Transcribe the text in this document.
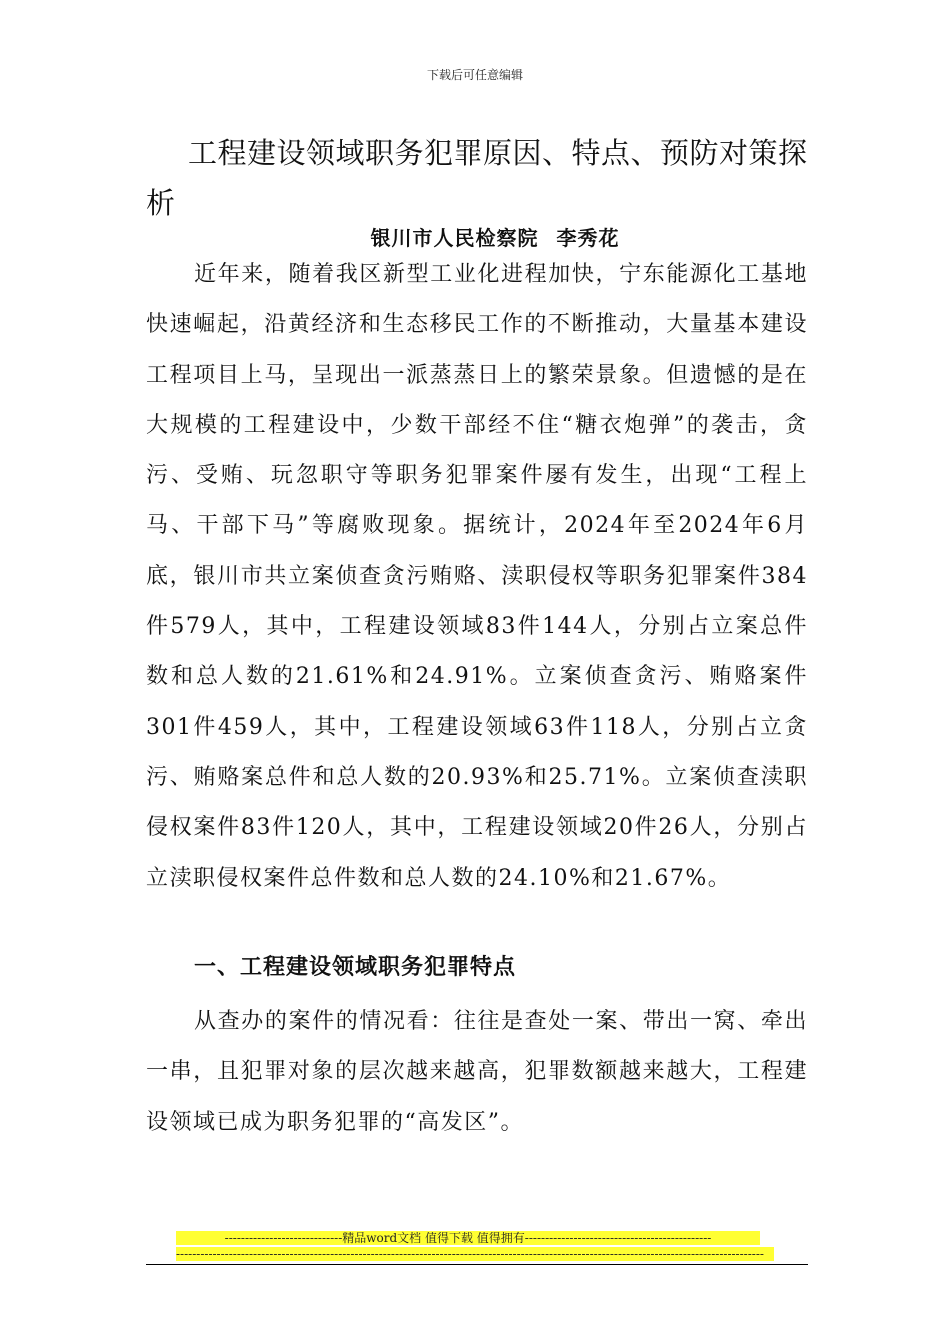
下载后可任意编辑
工程建设领域职务犯罪原因、特点、预防对策探析
银川市人民检察院 李秀花

近年来，随着我区新型工业化进程加快，宁东能源化工基地快速崛起，沿黄经济和生态移民工作的不断推动，大量基本建设工程项目上马，呈现出一派蒸蒸日上的繁荣景象。但遗憾的是在大规模的工程建设中，少数干部经不住“糖衣炮弹”的袭击，贪污、受贿、玩忽职守等职务犯罪案件屡有发生，出现“工程上马、干部下马”等腐败现象。据统计，2024年至2024年6月底，银川市共立案侦查贪污贿赂、渎职侵权等职务犯罪案件384件579人，其中，工程建设领域83件144人，分别占立案总件数和总人数的21.61%和24.91%。立案侦查贪污、贿赂案件301件459人，其中，工程建设领域63件118人，分别占立贪污、贿赂案总件和总人数的20.93%和25.71%。立案侦查渎职侵权案件83件120人，其中，工程建设领域20件26人，分别占立渎职侵权案件总件数和总人数的24.10%和21.67%。

一、工程建设领域职务犯罪特点

从查办的案件的情况看：往往是查处一案、带出一窝、牵出一串，且犯罪对象的层次越来越高，犯罪数额越来越大，工程建设领域已成为职务犯罪的“高发区”。

-----------------------------精品word文档 值得下载 值得拥有----------------------------------------------
-------------------------------------------------------------------------------------------------------------------------------------------------
